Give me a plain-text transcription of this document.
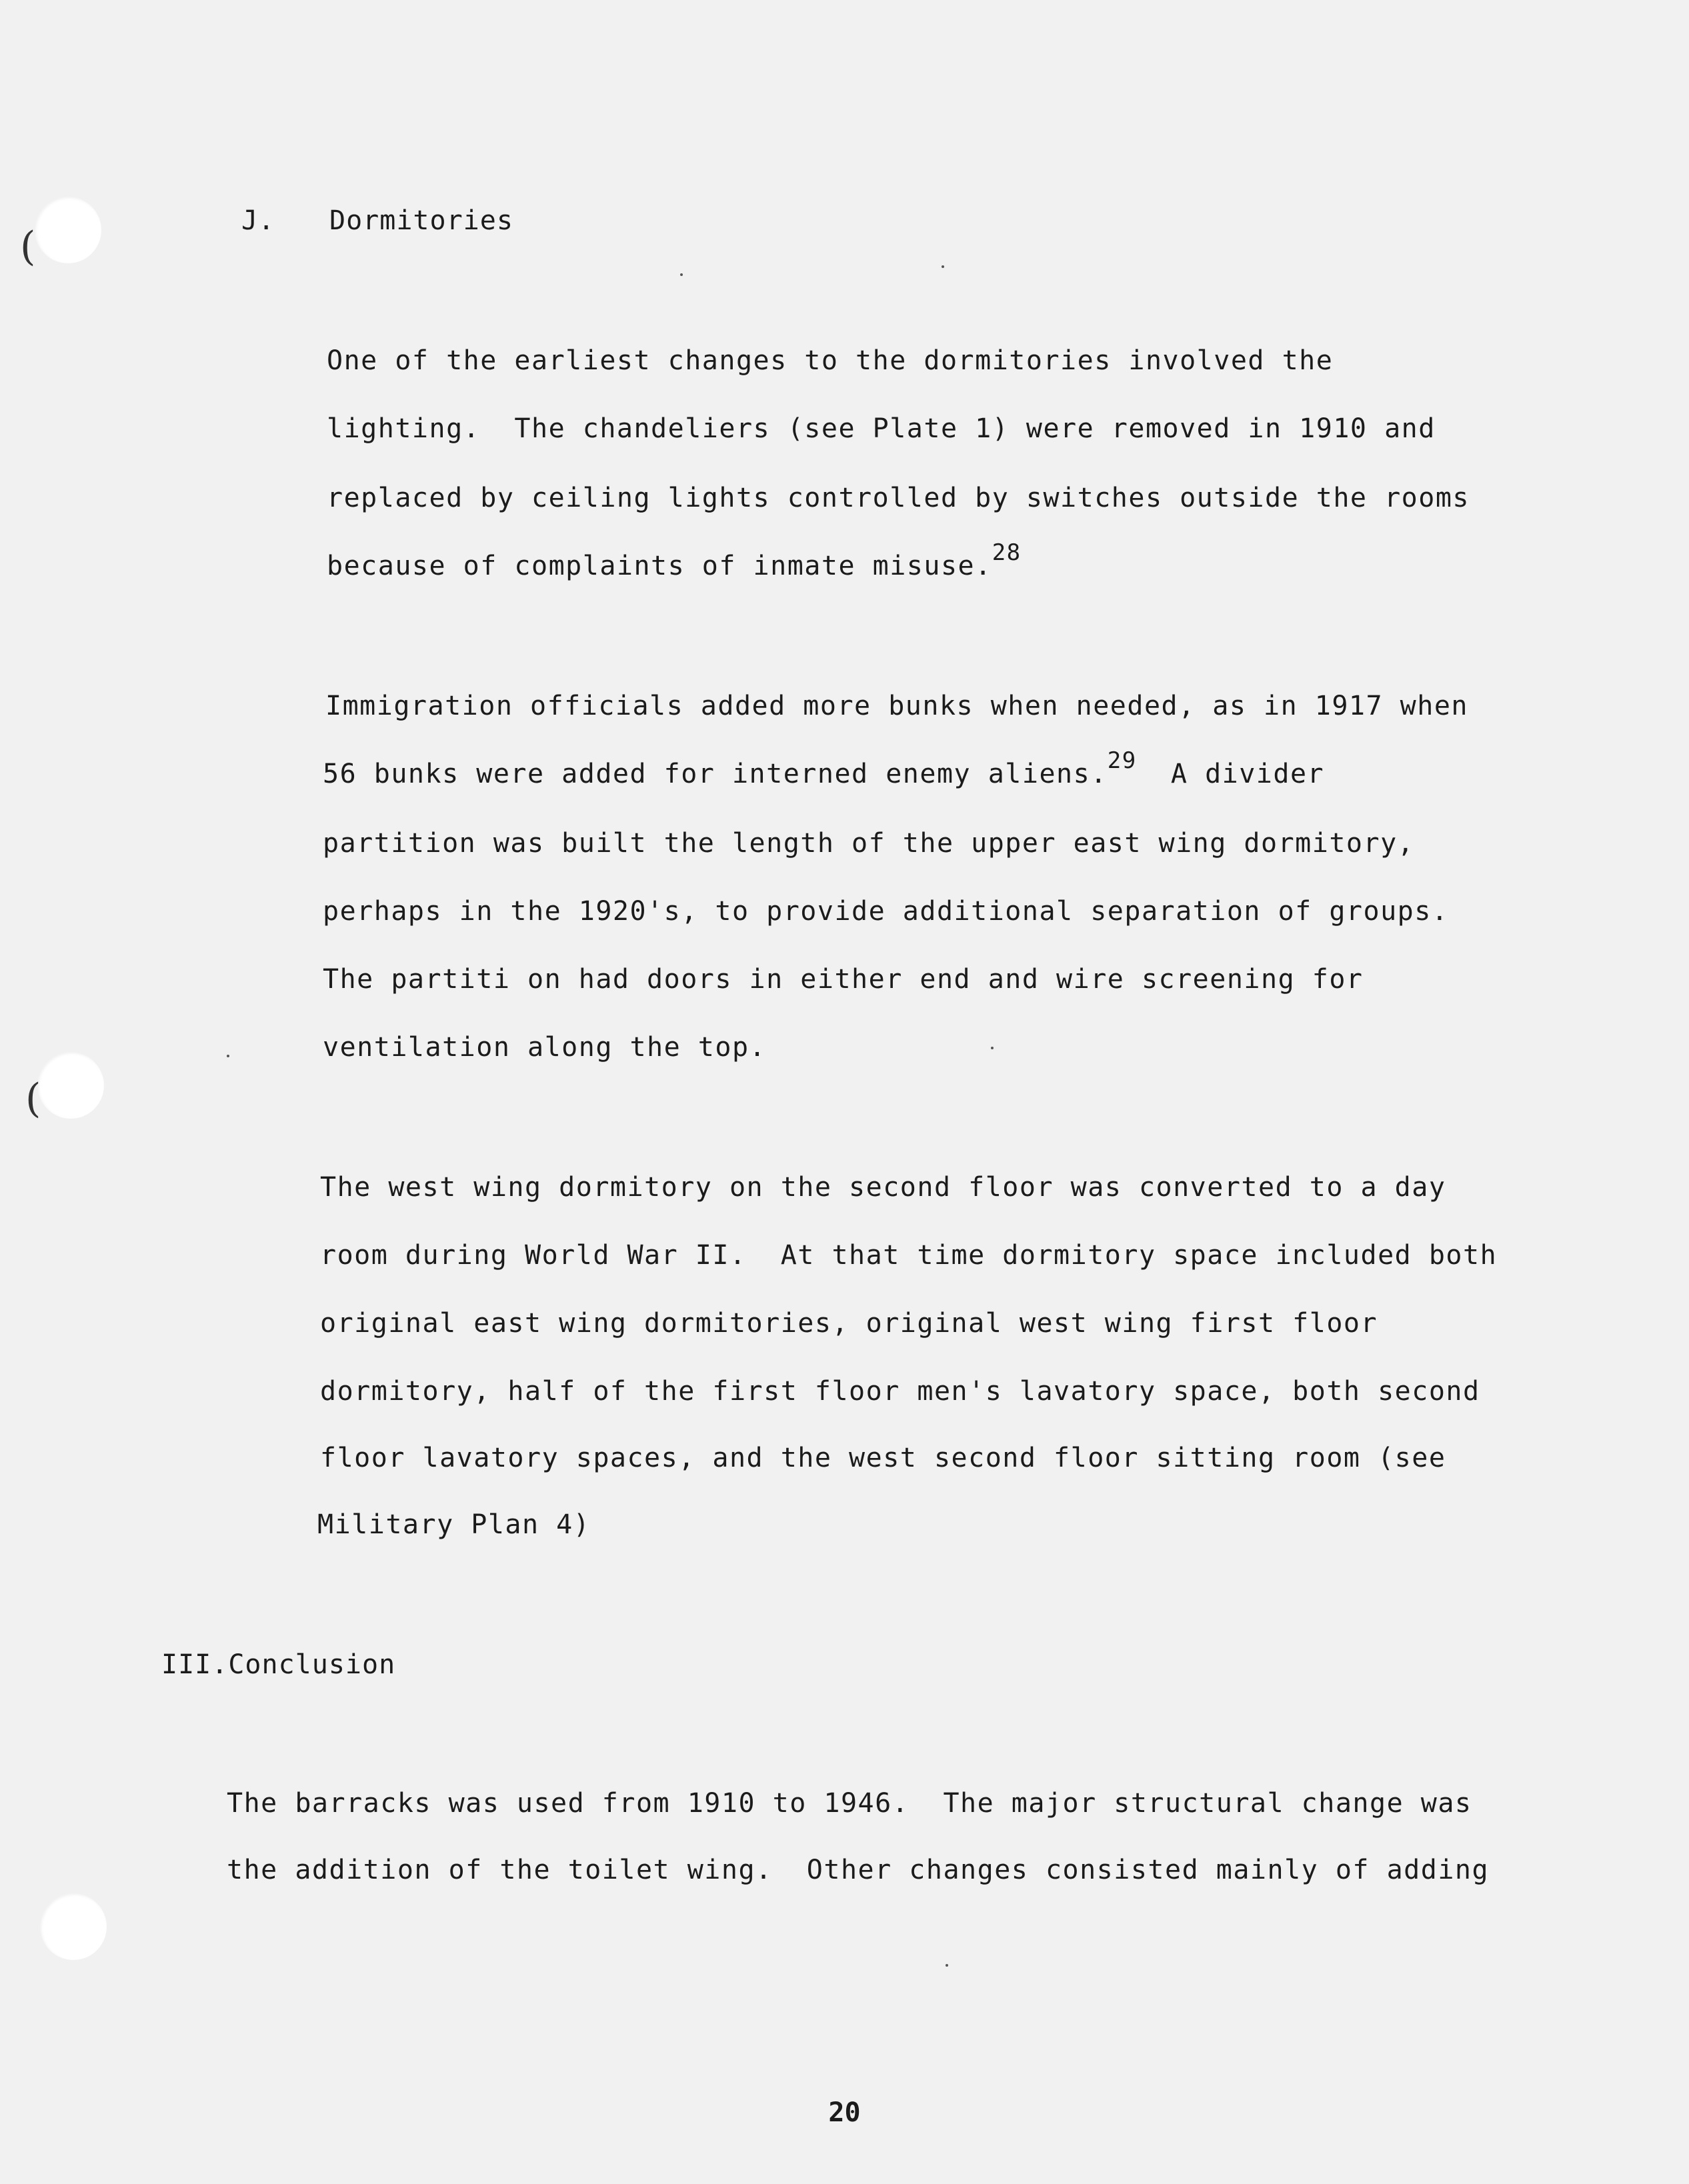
(
(
J. Dormitories
One of the earliest changes to the dormitories involved the
lighting.  The chandeliers (see Plate 1) were removed in 1910 and
replaced by ceiling lights controlled by switches outside the rooms
because of complaints of inmate misuse.$^{28}$
Immigration officials added more bunks when needed, as in 1917 when
56 bunks were added for interned enemy aliens.$^{29}$  A divider
partition was built the length of the upper east wing dormitory,
perhaps in the 1920's, to provide additional separation of groups.
The partiti on had doors in either end and wire screening for
ventilation along the top.
The west wing dormitory on the second floor was converted to a day
room during World War II.  At that time dormitory space included both
original east wing dormitories, original west wing first floor
dormitory, half of the first floor men's lavatory space, both second
floor lavatory spaces, and the west second floor sitting room (see
Military Plan 4)
III.Conclusion
The barracks was used from 1910 to 1946.  The major structural change was
the addition of the toilet wing.  Other changes consisted mainly of adding
20
